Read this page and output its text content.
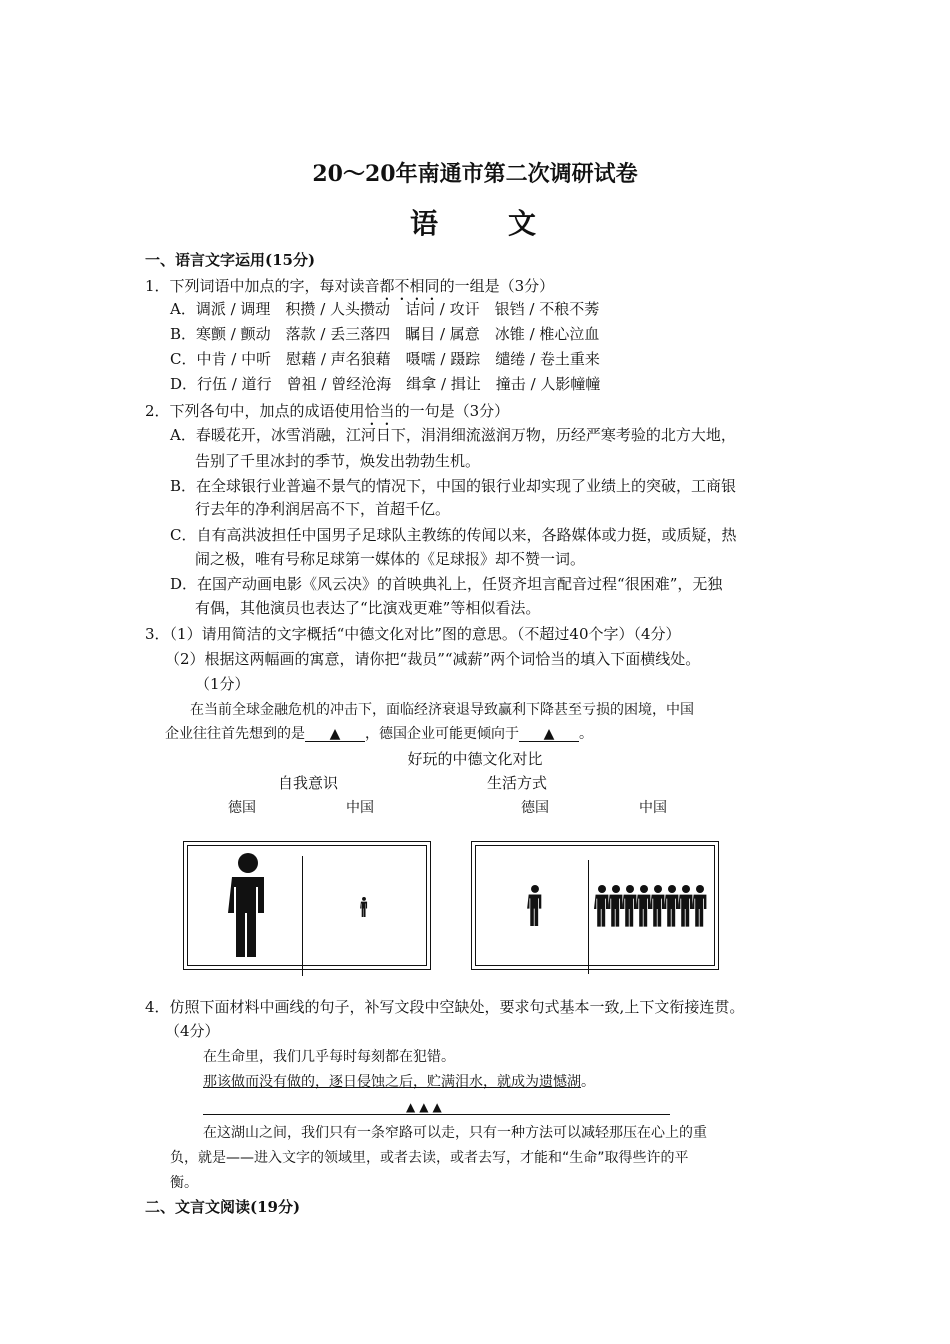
20～20年南通市第二次调研试卷
语文
一、语言文字运用(15分)
1．下列词语中加点的字，每对读音都不相同的一组是（3分）
A．调派 / 调理　积攒 / 人头攒动　诘问 / 攻讦　银铛 / 不稂不莠
B．寒颤 / 颤动　落款 / 丢三落四　瞩目 / 属意　冰锥 / 椎心泣血
C．中肯 / 中听　慰藉 / 声名狼藉　嗫嚅 / 蹑踪　缱绻 / 卷土重来
D．行伍 / 道行　曾祖 / 曾经沧海　缉拿 / 揖让　撞击 / 人影幢幢
2．下列各句中，加点的成语使用恰当的一句是（3分）
A．春暖花开，冰雪消融，江河日下，涓涓细流滋润万物，历经严寒考验的北方大地，
告别了千里冰封的季节，焕发出勃勃生机。
B．在全球银行业普遍不景气的情况下，中国的银行业却实现了业绩上的突破，工商银
行去年的净利润居高不下，首超千亿。
C．自有高洪波担任中国男子足球队主教练的传闻以来，各路媒体或力挺，或质疑，热
闹之极，唯有号称足球第一媒体的《足球报》却不赞一词。
D．在国产动画电影《风云决》的首映典礼上，任贤齐坦言配音过程“很困难”，无独
有偶，其他演员也表达了“比演戏更难”等相似看法。
3．（1）请用简洁的文字概括“中德文化对比”图的意思。（不超过40个字）（4分）
（2）根据这两幅画的寓意，请你把“裁员”“减薪”两个词恰当的填入下面横线处。
（1分）
在当前全球金融危机的冲击下，面临经济衰退导致赢利下降甚至亏损的困境，中国
企业往往首先想到的是 ▲ ，德国企业可能更倾向于 ▲ 。
好玩的中德文化对比
自我意识	生活方式
德国	中国	德国	中国
4．仿照下面材料中画线的句子，补写文段中空缺处，要求句式基本一致,上下文衔接连贯。
（4分）
在生命里，我们几乎每时每刻都在犯错。
那该做而没有做的，逐日侵蚀之后，贮满泪水，就成为遗憾湖。
▲▲▲
在这湖山之间，我们只有一条窄路可以走，只有一种方法可以减轻那压在心上的重
负，就是——进入文字的领域里，或者去读，或者去写，才能和“生命”取得些许的平
衡。
二、文言文阅读(19分)
